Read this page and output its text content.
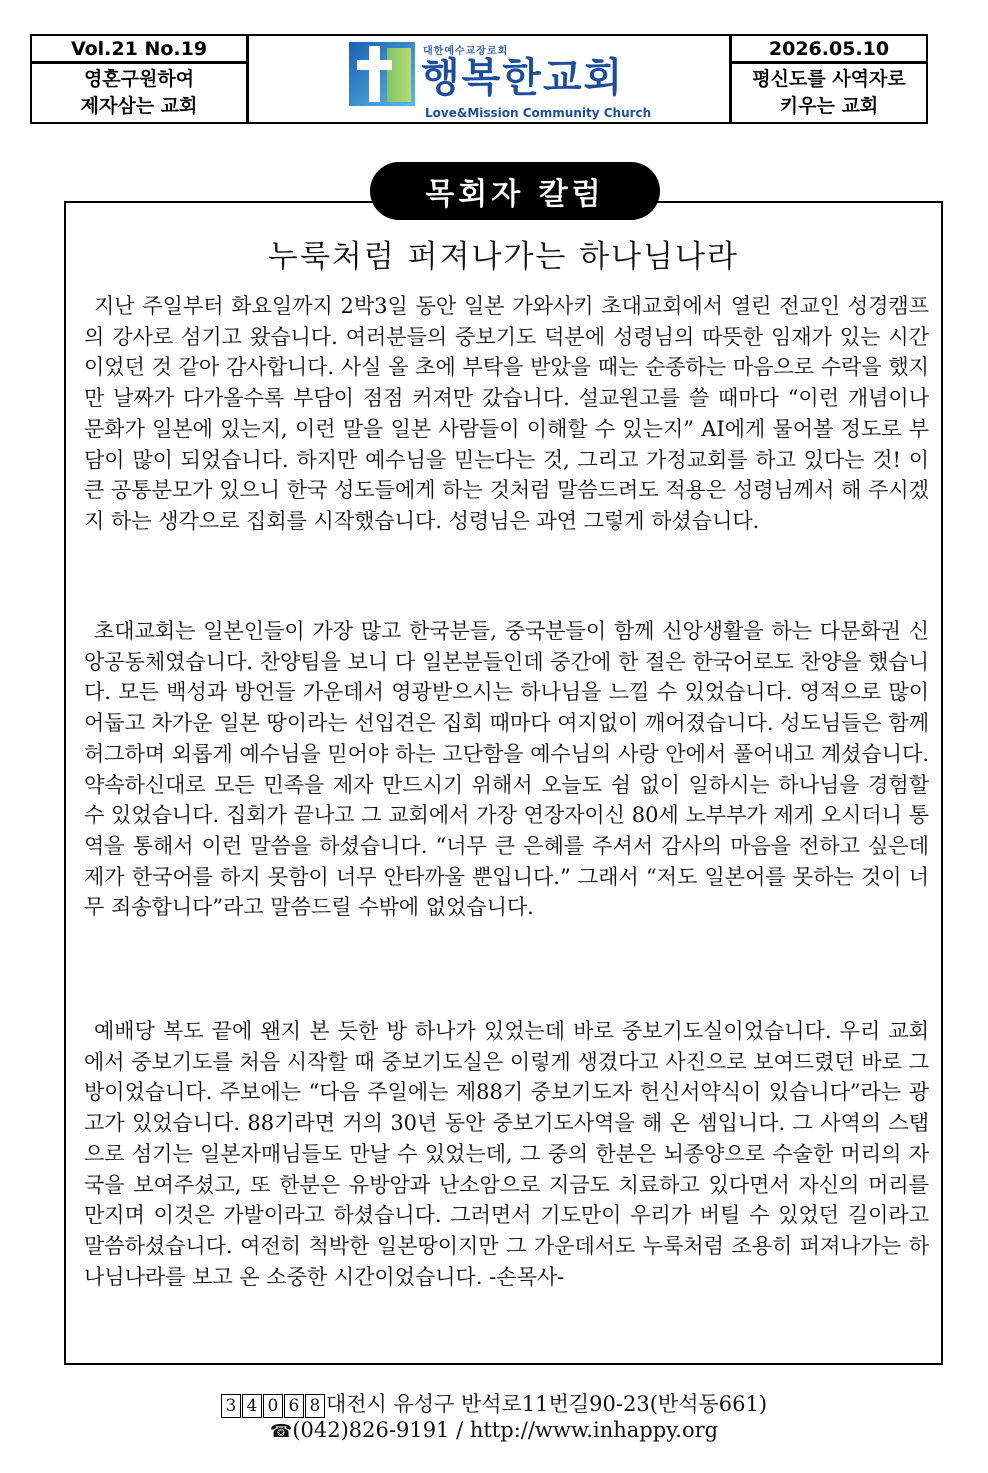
Vol.21 No.19
영혼구원하여
제자삼는 교회
대한예수교장로회
행복한교회
Love&Mission Community Church
2026.05.10
평신도를 사역자로
키우는 교회
목회자 칼럼
누룩처럼 퍼져나가는 하나님나라

지난 주일부터 화요일까지 2박3일 동안 일본 가와사키 초대교회에서 열린 전교인 성경캠프의 강사로 섬기고 왔습니다. 여러분들의 중보기도 덕분에 성령님의 따뜻한 임재가 있는 시간이었던 것 같아 감사합니다. 사실 올 초에 부탁을 받았을 때는 순종하는 마음으로 수락을 했지만 날짜가 다가올수록 부담이 점점 커져만 갔습니다. 설교원고를 쓸 때마다 “이런 개념이나 문화가 일본에 있는지, 이런 말을 일본 사람들이 이해할 수 있는지” AI에게 물어볼 정도로 부담이 많이 되었습니다. 하지만 예수님을 믿는다는 것, 그리고 가정교회를 하고 있다는 것! 이 큰 공통분모가 있으니 한국 성도들에게 하는 것처럼 말씀드려도 적용은 성령님께서 해 주시겠지 하는 생각으로 집회를 시작했습니다. 성령님은 과연 그렇게 하셨습니다.

초대교회는 일본인들이 가장 많고 한국분들, 중국분들이 함께 신앙생활을 하는 다문화권 신앙공동체였습니다. 찬양팀을 보니 다 일본분들인데 중간에 한 절은 한국어로도 찬양을 했습니다. 모든 백성과 방언들 가운데서 영광받으시는 하나님을 느낄 수 있었습니다. 영적으로 많이 어둡고 차가운 일본 땅이라는 선입견은 집회 때마다 여지없이 깨어졌습니다. 성도님들은 함께 허그하며 외롭게 예수님을 믿어야 하는 고단함을 예수님의 사랑 안에서 풀어내고 계셨습니다. 약속하신대로 모든 민족을 제자 만드시기 위해서 오늘도 쉼 없이 일하시는 하나님을 경험할 수 있었습니다. 집회가 끝나고 그 교회에서 가장 연장자이신 80세 노부부가 제게 오시더니 통역을 통해서 이런 말씀을 하셨습니다. “너무 큰 은혜를 주셔서 감사의 마음을 전하고 싶은데 제가 한국어를 하지 못함이 너무 안타까울 뿐입니다.” 그래서 “저도 일본어를 못하는 것이 너무 죄송합니다”라고 말씀드릴 수밖에 없었습니다.

예배당 복도 끝에 왠지 본 듯한 방 하나가 있었는데 바로 중보기도실이었습니다. 우리 교회에서 중보기도를 처음 시작할 때 중보기도실은 이렇게 생겼다고 사진으로 보여드렸던 바로 그 방이었습니다. 주보에는 “다음 주일에는 제88기 중보기도자 헌신서약식이 있습니다”라는 광고가 있었습니다. 88기라면 거의 30년 동안 중보기도사역을 해 온 셈입니다. 그 사역의 스탭으로 섬기는 일본자매님들도 만날 수 있었는데, 그 중의 한분은 뇌종양으로 수술한 머리의 자국을 보여주셨고, 또 한분은 유방암과 난소암으로 지금도 치료하고 있다면서 자신의 머리를 만지며 이것은 가발이라고 하셨습니다. 그러면서 기도만이 우리가 버틸 수 있었던 길이라고 말씀하셨습니다. 여전히 척박한 일본땅이지만 그 가운데서도 누룩처럼 조용히 퍼져나가는 하나님나라를 보고 온 소중한 시간이었습니다. -손목사-

3 4 0 6 8 대전시 유성구 반석로11번길90-23(반석동661)
☎(042)826-9191 / http://www.inhappy.org
